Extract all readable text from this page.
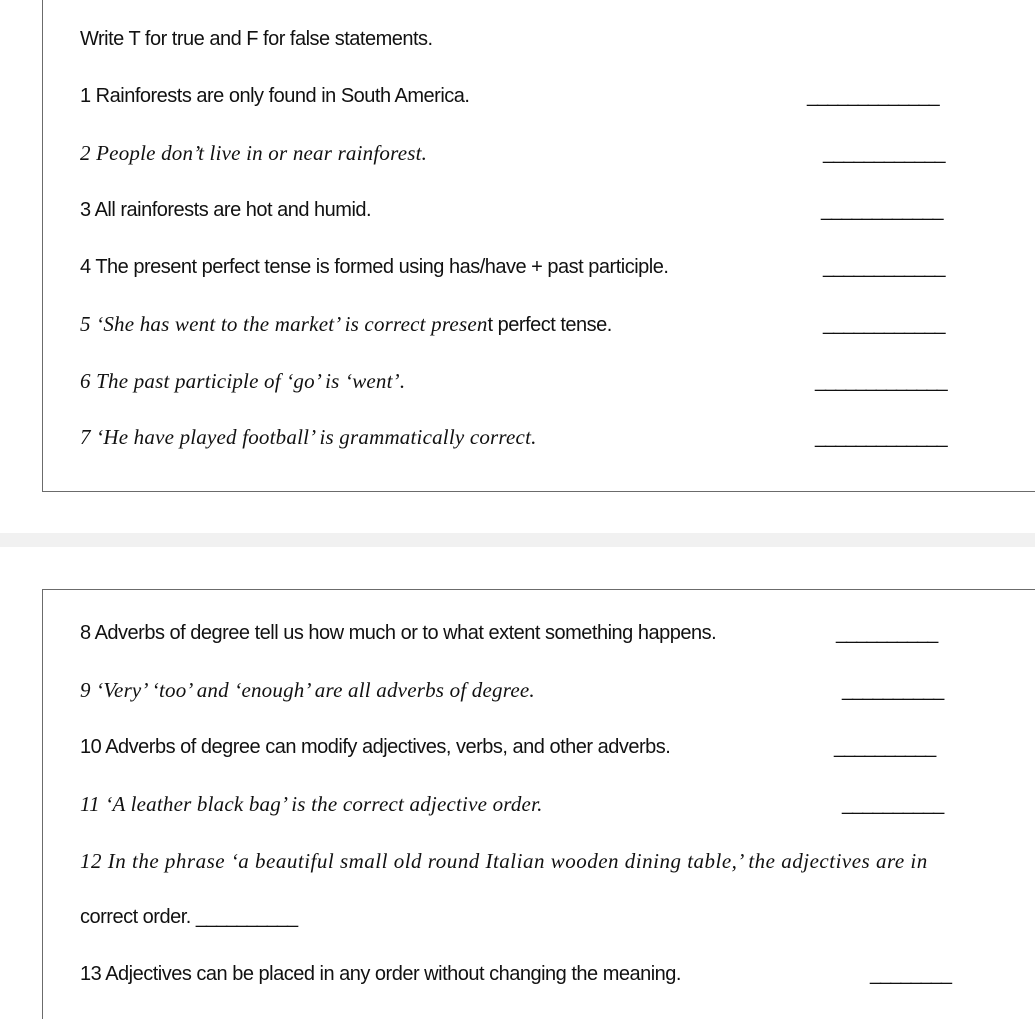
Write T for true and F for false statements.
1 Rainforests are only found in South America.	_____________
2 People don’t live in or near rainforest.	____________
3 All rainforests are hot and humid.	____________
4 The present perfect tense is formed using has/have + past participle.	____________
5 ‘She has went to the market’ is correct present perfect tense.	____________
6 The past participle of ‘go’ is ‘went’.	_____________
7 ‘He have played football’ is grammatically correct.	_____________
8 Adverbs of degree tell us how much or to what extent something happens.	__________
9 ‘Very’ ‘too’ and ‘enough’ are all adverbs of degree.	__________
10 Adverbs of degree can modify adjectives, verbs, and other adverbs.	__________
11 ‘A leather black bag’ is the correct adjective order.	__________
12 In the phrase ‘a beautiful small old round Italian wooden dining table,’ the adjectives are in
correct order. __________
13 Adjectives can be placed in any order without changing the meaning.	________
